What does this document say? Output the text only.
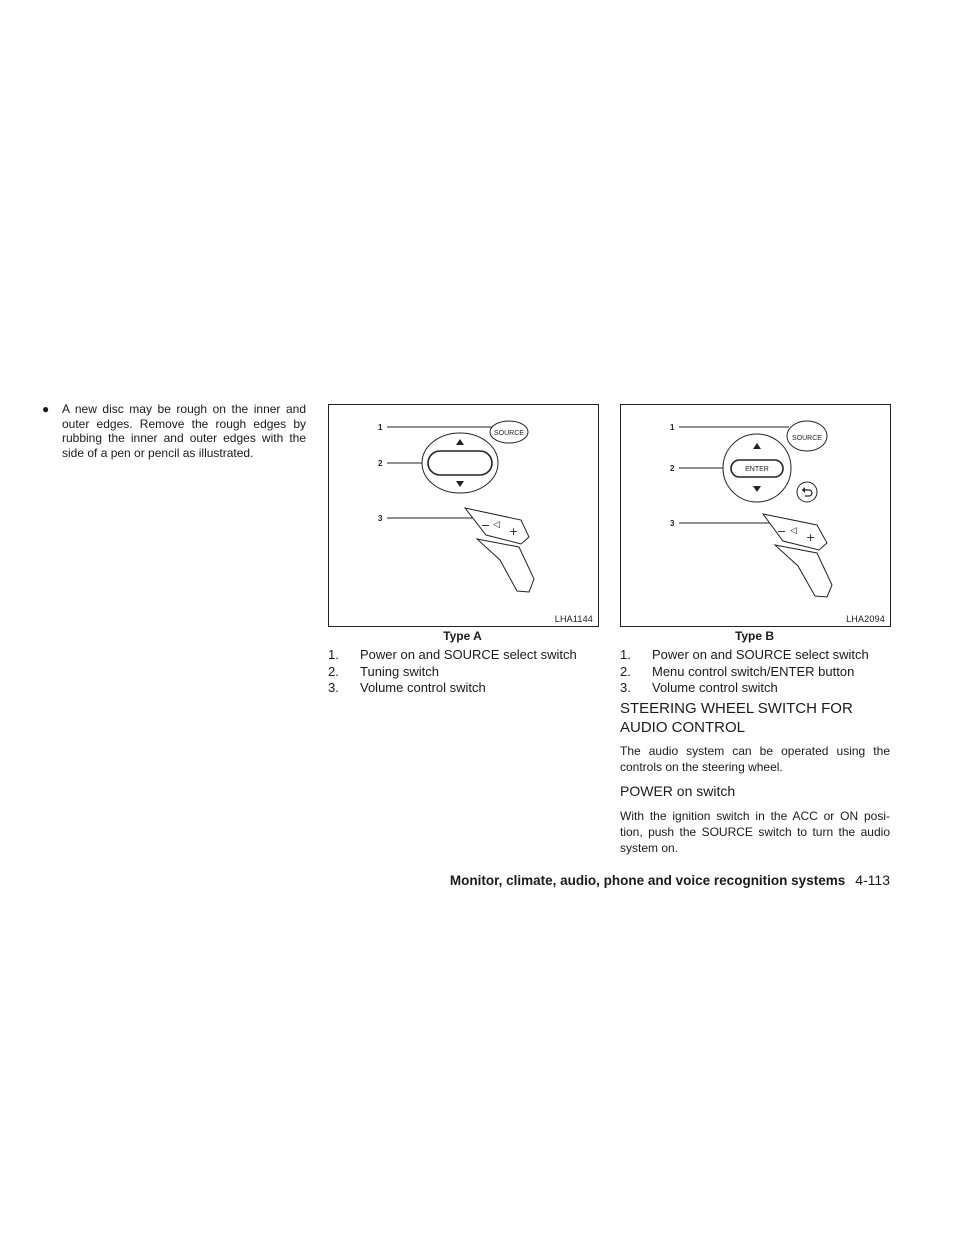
● A new disc may be rough on the inner and outer edges. Remove the rough edges by rubbing the inner and outer edges with the side of a pen or pencil as illustrated.
1
2
3
SOURCE
− ◁ +
LHA1144
1
2
3
SOURCE
ENTER
− ◁ +
LHA2094
Type A	Type B
1.	Power on and SOURCE select switch
2.	Tuning switch
3.	Volume control switch
1.	Power on and SOURCE select switch
2.	Menu control switch/ENTER button
3.	Volume control switch
STEERING WHEEL SWITCH FOR
AUDIO CONTROL
The audio system can be operated using the controls on the steering wheel.
POWER on switch
With the ignition switch in the ACC or ON posi- tion, push the SOURCE switch to turn the audio system on.
Monitor, climate, audio, phone and voice recognition systems 4-113
